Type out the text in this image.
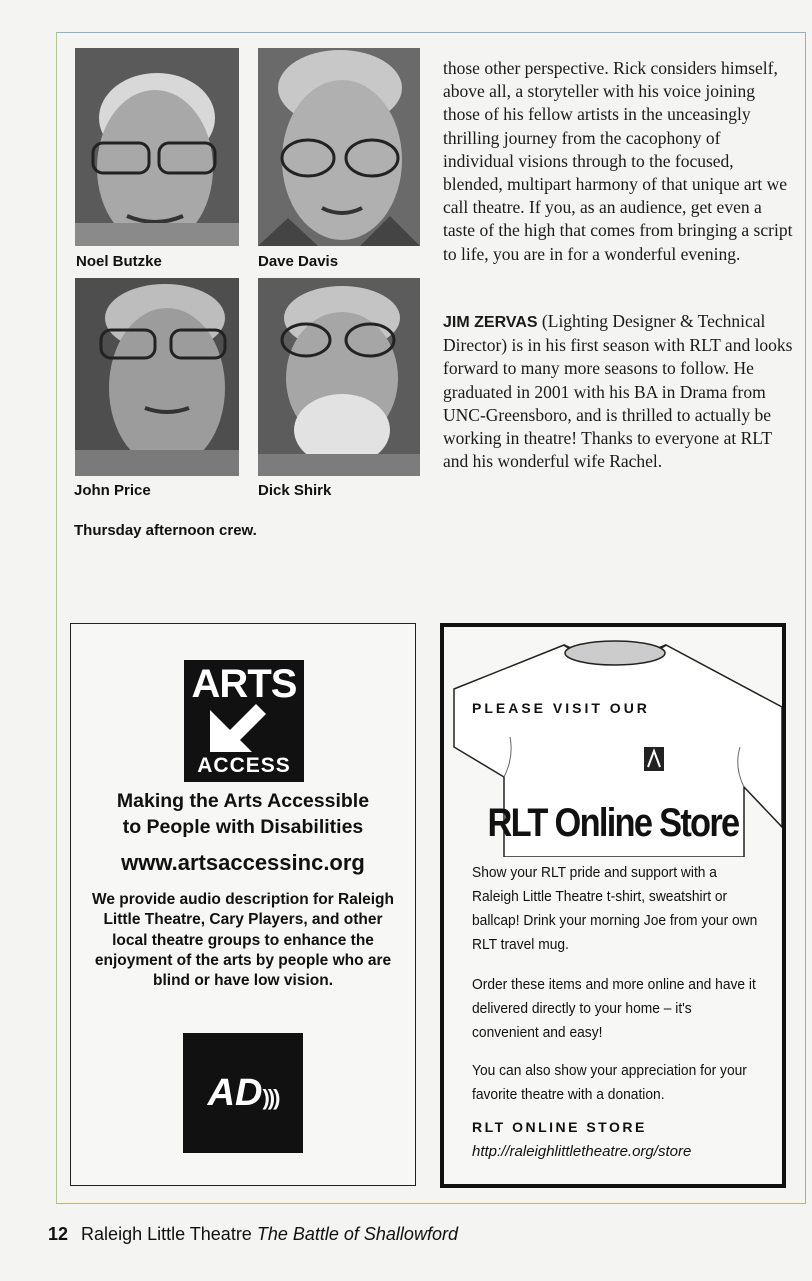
Noel Butzke	Dave Davis
John Price	Dick Shirk
Thursday afternoon crew.

those other perspective. Rick considers himself, above all, a storyteller with his voice joining those of his fellow artists in the unceasingly thrilling journey from the cacophony of individual visions through to the focused, blended, multipart harmony of that unique art we call theatre. If you, as an audience, get even a taste of the high that comes from bringing a script to life, you are in for a wonderful evening.

JIM ZERVAS (Lighting Designer & Technical Director) is in his first season with RLT and looks forward to many more seasons to follow. He graduated in 2001 with his BA in Drama from UNC-Greensboro, and is thrilled to actually be working in theatre! Thanks to everyone at RLT and his wonderful wife Rachel.

ARTS
ACCESS
Making the Arts Accessible
to People with Disabilities
www.artsaccessinc.org
We provide audio description for Raleigh Little Theatre, Cary Players, and other local theatre groups to enhance the enjoyment of the arts by people who are blind or have low vision.
AD)))
PLEASE VISIT OUR
RLT Online Store

Show your RLT pride and support with a Raleigh Little Theatre t-shirt, sweatshirt or ballcap! Drink your morning Joe from your own RLT travel mug.

Order these items and more online and have it delivered directly to your home – it's convenient and easy!

You can also show your appreciation for your favorite theatre with a donation.

RLT ONLINE STORE
http://raleighlittletheatre.org/store
12 Raleigh Little Theatre The Battle of Shallowford
